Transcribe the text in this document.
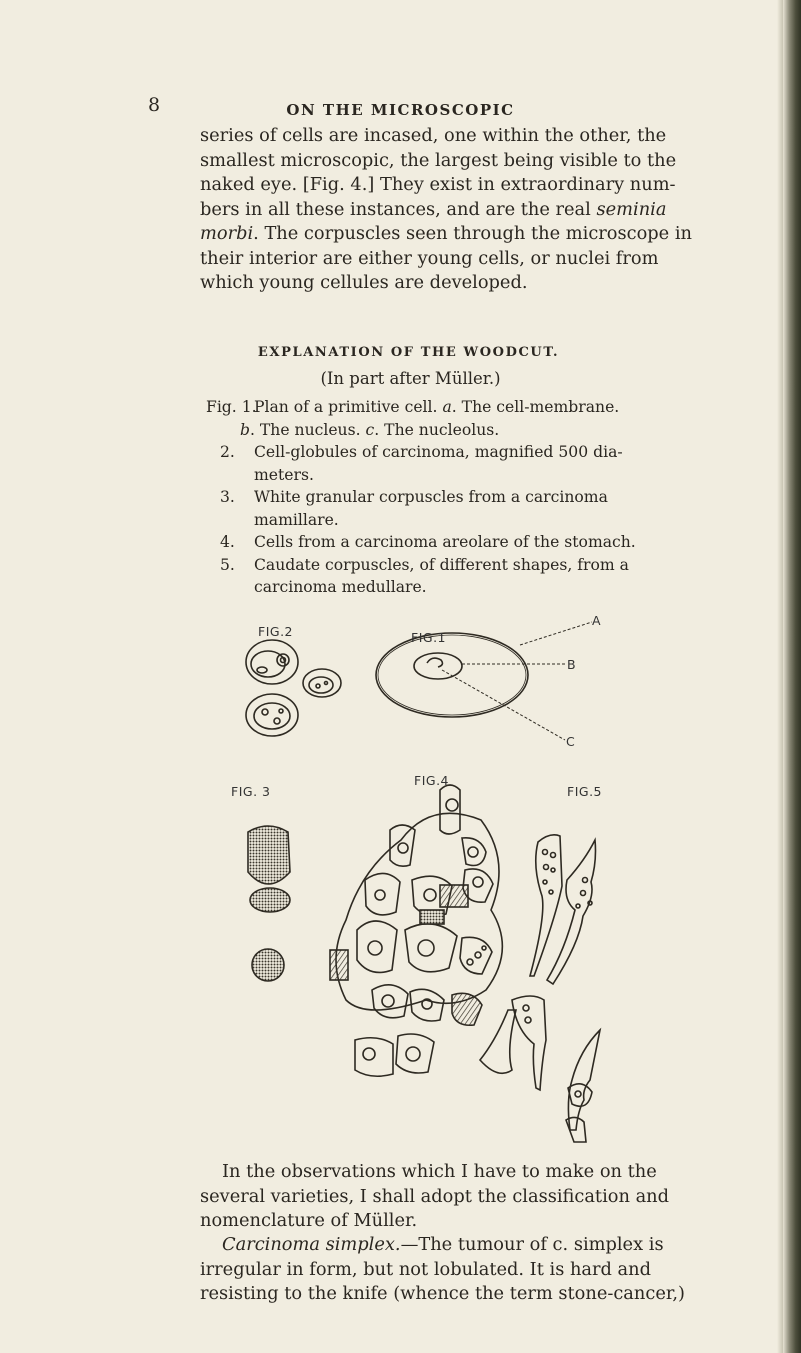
8	ON THE MICROSCOPIC
series of cells are incased, one within the other, the
smallest microscopic, the largest being visible to the
naked eye. [Fig. 4.] They exist in extraordinary num-
bers in all these instances, and are the real seminia
morbi. The corpuscles seen through the microscope in
their interior are either young cells, or nuclei from
which young cellules are developed.
EXPLANATION OF THE WOODCUT.
(In part after Müller.)
Fig. 1.Plan of a primitive cell. a. The cell-membrane.
b. The nucleus. c. The nucleolus.
2. Cell-globules of carcinoma, magnified 500 dia-
meters.
3. White granular corpuscles from a carcinoma
mamillare.
4. Cells from a carcinoma areolare of the stomach.
5. Caudate corpuscles, of different shapes, from a
carcinoma medullare.
FIG.2	FIG.1
A
B
C
FIG. 3
FIG.4
FIG.5
In the observations which I have to make on the
several varieties, I shall adopt the classification and
nomenclature of Müller.
Carcinoma simplex.—The tumour of c. simplex is
irregular in form, but not lobulated. It is hard and
resisting to the knife (whence the term stone-cancer,)
